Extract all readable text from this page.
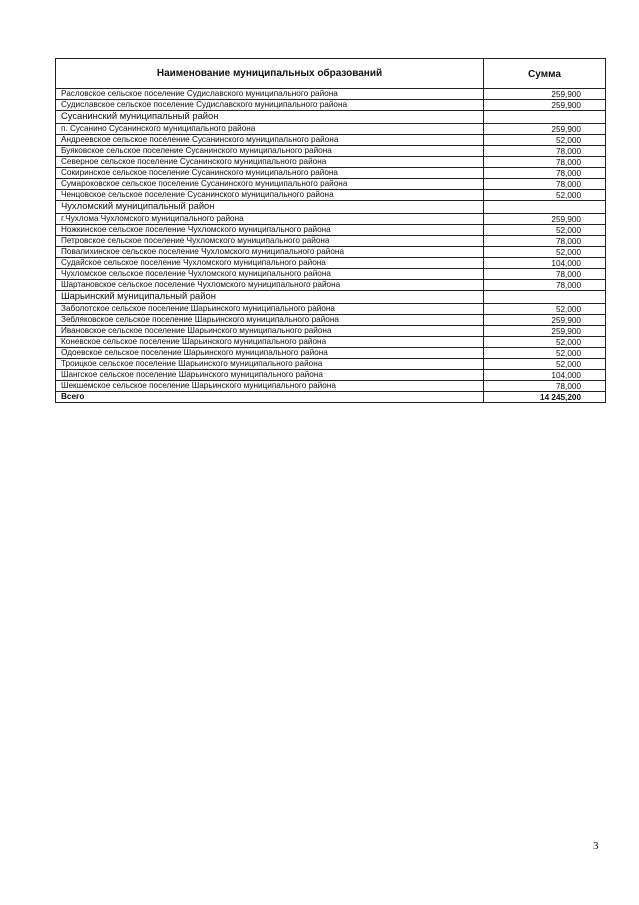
Наименование муниципальных образований	Сумма
Расловское сельское поселение Судиславского муниципального района	259,900
Судиславское сельское поселение Судиславского муниципального района	259,900
Сусанинский муниципальный район	
п. Сусанино Сусанинского муниципального района	259,900
Андреевское сельское поселение Сусанинского муниципального района	52,000
Буяковское сельское поселение Сусанинского муниципального района	78,000
Северное сельское поселение Сусанинского муниципального района	78,000
Сокиринское сельское поселение Сусанинского муниципального района	78,000
Сумароковское сельское поселение Сусанинского муниципального района	78,000
Ченцовское сельское поселение Сусанинского муниципального района	52,000
Чухломский муниципальный район	
г.Чухлома Чухломского муниципального района	259,900
Ножкинское сельское поселение Чухломского муниципального района	52,000
Петровское сельское поселение Чухломского муниципального района	78,000
Повалихинское сельское поселение Чухломского муниципального района	52,000
Судайское сельское поселение Чухломского муниципального района	104,000
Чухломское сельское поселение Чухломского муниципального района	78,000
Шартановское сельское поселение Чухломского муниципального района	78,000
Шарьинский муниципальный район	
Заболотское сельское поселение Шарьинского муниципального района	52,000
Зебляковское сельское поселение Шарьинского муниципального района	259,900
Ивановское сельское поселение Шарьинского муниципального района	259,900
Коневское сельское поселение Шарьинского муниципального района	52,000
Одоевское сельское поселение Шарьинского муниципального района	52,000
Троицкое сельское поселение Шарьинского муниципального района	52,000
Шангское сельское поселение Шарьинского муниципального района	104,000
Шекшемское сельское поселение Шарьинского муниципального района	78,000
Всего	14 245,200
3
